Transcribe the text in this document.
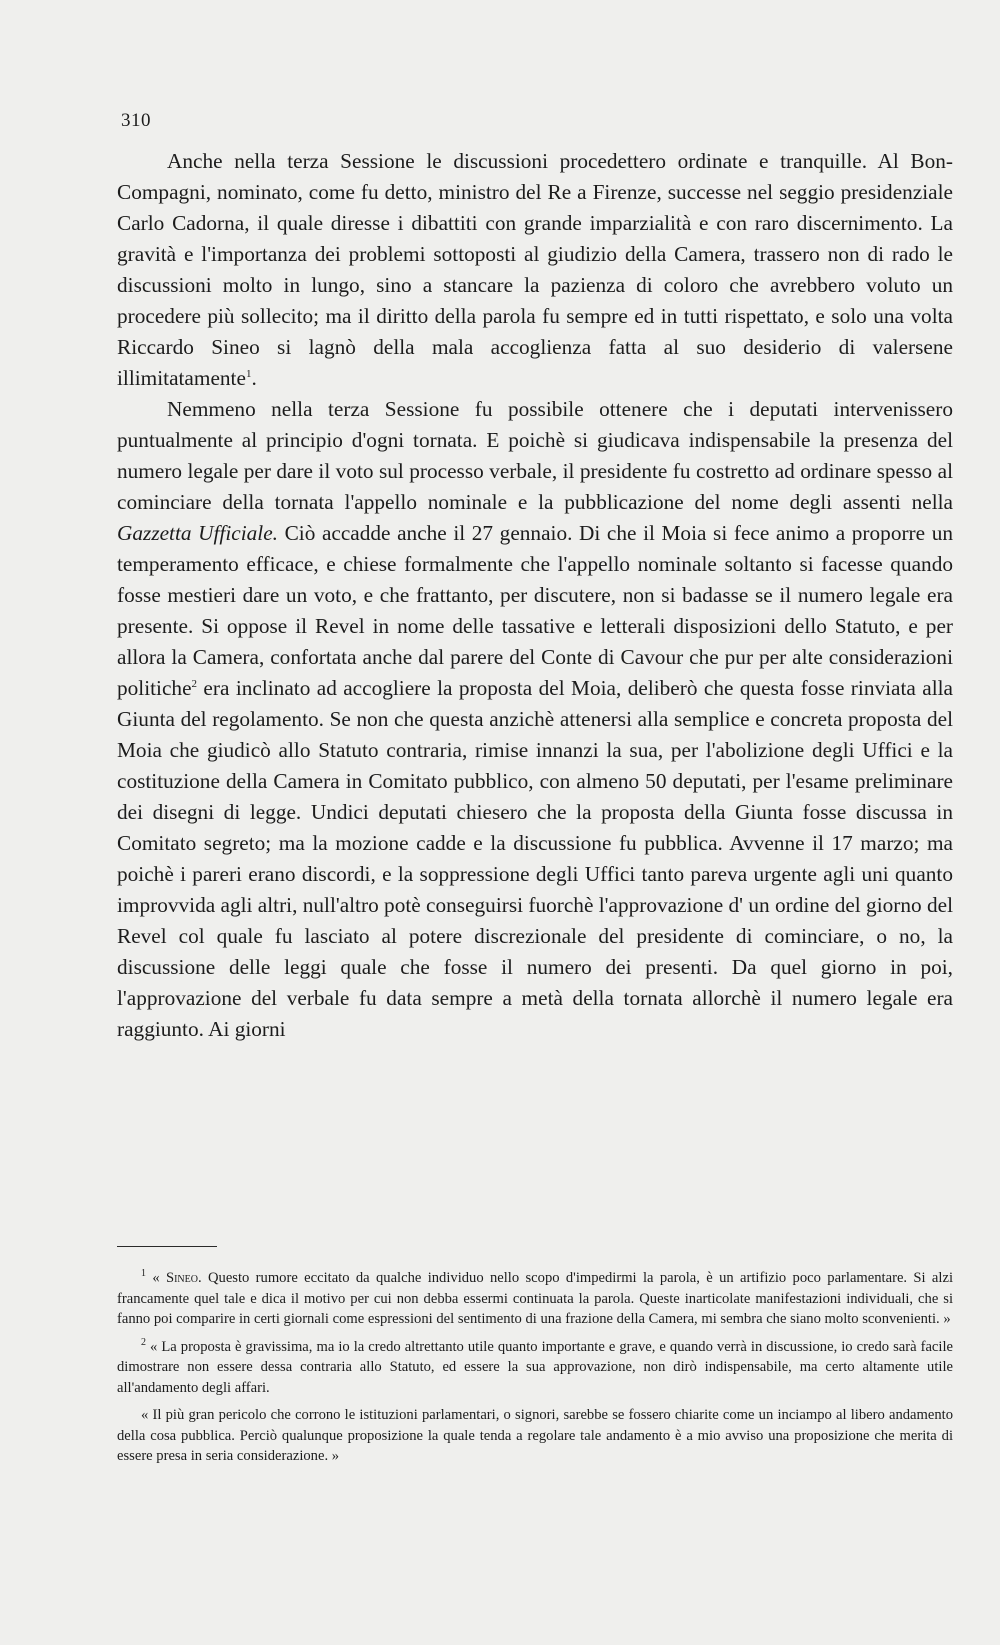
310

Anche nella terza Sessione le discussioni procedettero ordinate e tranquille. Al Bon-Compagni, nominato, come fu detto, ministro del Re a Firenze, successe nel seggio presidenziale Carlo Cadorna, il quale diresse i dibattiti con grande imparzialità e con raro discernimento. La gravità e l'importanza dei problemi sottoposti al giudizio della Camera, trassero non di rado le discussioni molto in lungo, sino a stancare la pazienza di coloro che avrebbero voluto un procedere più sollecito; ma il diritto della parola fu sempre ed in tutti rispettato, e solo una volta Riccardo Sineo si lagnò della mala accoglienza fatta al suo desiderio di valersene illimitatamente$^1$.

Nemmeno nella terza Sessione fu possibile ottenere che i deputati intervenissero puntualmente al principio d'ogni tornata. E poichè si giudicava indispensabile la presenza del numero legale per dare il voto sul processo verbale, il presidente fu costretto ad ordinare spesso al cominciare della tornata l'appello nominale e la pubblicazione del nome degli assenti nella Gazzetta Ufficiale. Ciò accadde anche il 27 gennaio. Di che il Moia si fece animo a proporre un temperamento efficace, e chiese formalmente che l'appello nominale soltanto si facesse quando fosse mestieri dare un voto, e che frattanto, per discutere, non si badasse se il numero legale era presente. Si oppose il Revel in nome delle tassative e letterali disposizioni dello Statuto, e per allora la Camera, confortata anche dal parere del Conte di Cavour che pur per alte considerazioni politiche$^2$ era inclinato ad accogliere la proposta del Moia, deliberò che questa fosse rinviata alla Giunta del regolamento. Se non che questa anzichè attenersi alla semplice e concreta proposta del Moia che giudicò allo Statuto contraria, rimise innanzi la sua, per l'abolizione degli Uffici e la costituzione della Camera in Comitato pubblico, con almeno 50 deputati, per l'esame preliminare dei disegni di legge. Undici deputati chiesero che la proposta della Giunta fosse discussa in Comitato segreto; ma la mozione cadde e la discussione fu pubblica. Avvenne il 17 marzo; ma poichè i pareri erano discordi, e la soppressione degli Uffici tanto pareva urgente agli uni quanto improvvida agli altri, null'altro potè conseguirsi fuorchè l'approvazione d' un ordine del giorno del Revel col quale fu lasciato al potere discrezionale del presidente di cominciare, o no, la discussione delle leggi quale che fosse il numero dei presenti. Da quel giorno in poi, l'approvazione del verbale fu data sempre a metà della tornata allorchè il numero legale era raggiunto. Ai giorni

$^1$ « Sineo. Questo rumore eccitato da qualche individuo nello scopo d'impedirmi la parola, è un artifizio poco parlamentare. Si alzi francamente quel tale e dica il motivo per cui non debba essermi continuata la parola. Queste inarticolate manifestazioni individuali, che si fanno poi comparire in certi giornali come espressioni del sentimento di una frazione della Camera, mi sembra che siano molto sconvenienti. »

$^2$ « La proposta è gravissima, ma io la credo altrettanto utile quanto importante e grave, e quando verrà in discussione, io credo sarà facile dimostrare non essere dessa contraria allo Statuto, ed essere la sua approvazione, non dirò indispensabile, ma certo altamente utile all'andamento degli affari.

« Il più gran pericolo che corrono le istituzioni parlamentari, o signori, sarebbe se fossero chiarite come un inciampo al libero andamento della cosa pubblica. Perciò qualunque proposizione la quale tenda a regolare tale andamento è a mio avviso una proposizione che merita di essere presa in seria considerazione. »
